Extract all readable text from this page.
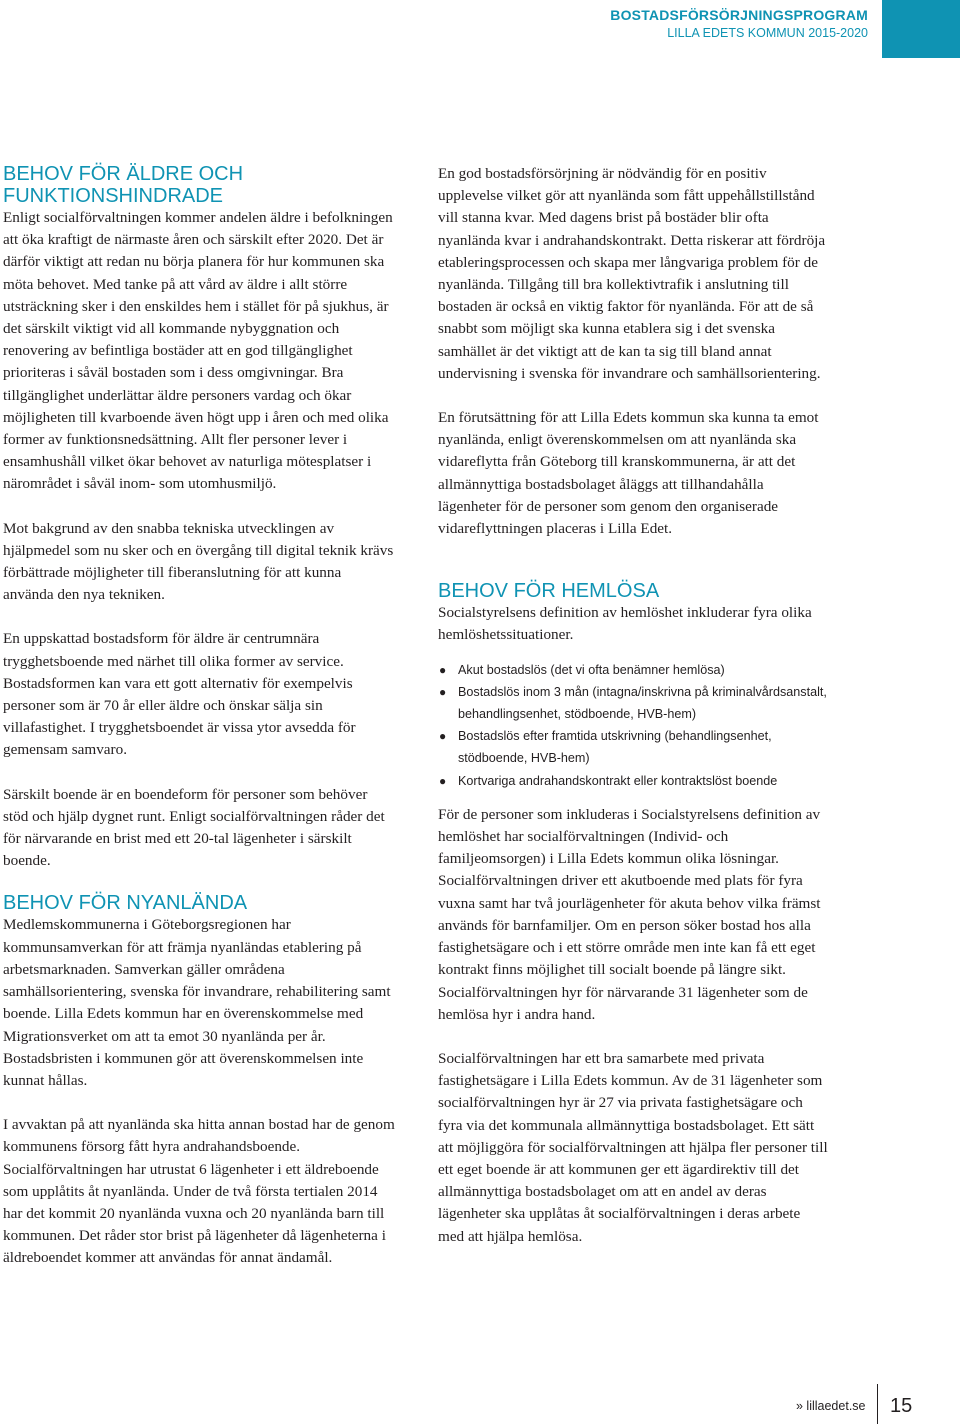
BOSTADSFÖRSÖRJNINGSPROGRAM
LILLA EDETS KOMMUN 2015-2020
BEHOV FÖR ÄLDRE OCH FUNKTIONSHINDRADE

Enligt socialförvaltningen kommer andelen äldre i befolkningen att öka kraftigt de närmaste åren och särskilt efter 2020. Det är därför viktigt att redan nu börja planera för hur kommunen ska möta behovet. Med tanke på att vård av äldre i allt större utsträckning sker i den enskildes hem i stället för på sjukhus, är det särskilt viktigt vid all kommande nybyggnation och renovering av befintliga bostäder att en god tillgänglighet prioriteras i såväl bostaden som i dess omgivningar. Bra tillgänglighet underlättar äldre personers vardag och ökar möjligheten till kvarboende även högt upp i åren och med olika former av funktionsnedsättning. Allt fler personer lever i ensamhushåll vilket ökar behovet av naturliga mötesplatser i närområdet i såväl inom- som utomhusmiljö.

Mot bakgrund av den snabba tekniska utvecklingen av hjälpmedel som nu sker och en övergång till digital teknik krävs förbättrade möjligheter till fiberanslutning för att kunna använda den nya tekniken.

En uppskattad bostadsform för äldre är centrumnära trygghetsboende med närhet till olika former av service. Bostadsformen kan vara ett gott alternativ för exempelvis personer som är 70 år eller äldre och önskar sälja sin villafastighet. I trygghetsboendet är vissa ytor avsedda för gemensam samvaro.

Särskilt boende är en boendeform för personer som behöver stöd och hjälp dygnet runt. Enligt socialförvaltningen råder det för närvarande en brist med ett 20-tal lägenheter i särskilt boende.

BEHOV FÖR NYANLÄNDA

Medlemskommunerna i Göteborgsregionen har kommunsamverkan för att främja nyanländas etablering på arbetsmarknaden. Samverkan gäller områdena samhällsorientering, svenska för invandrare, rehabilitering samt boende. Lilla Edets kommun har en överenskommelse med Migrationsverket om att ta emot 30 nyanlända per år. Bostadsbristen i kommunen gör att överenskommelsen inte kunnat hållas.

I avvaktan på att nyanlända ska hitta annan bostad har de genom kommunens försorg fått hyra andrahandsboende. Socialförvaltningen har utrustat 6 lägenheter i ett äldreboende som upplåtits åt nyanlända. Under de två första tertialen 2014 har det kommit 20 nyanlända vuxna och 20 nyanlända barn till kommunen. Det råder stor brist på lägenheter då lägenheterna i äldreboendet kommer att användas för annat ändamål.

En god bostadsförsörjning är nödvändig för en positiv upplevelse vilket gör att nyanlända som fått uppehållstillstånd vill stanna kvar. Med dagens brist på bostäder blir ofta nyanlända kvar i andrahandskontrakt. Detta riskerar att fördröja etableringsprocessen och skapa mer långvariga problem för de nyanlända. Tillgång till bra kollektivtrafik i anslutning till bostaden är också en viktig faktor för nyanlända. För att de så snabbt som möjligt ska kunna etablera sig i det svenska samhället är det viktigt att de kan ta sig till bland annat undervisning i svenska för invandrare och samhällsorientering.

En förutsättning för att Lilla Edets kommun ska kunna ta emot nyanlända, enligt överenskommelsen om att nyanlända ska vidareflytta från Göteborg till kranskommunerna, är att det allmännyttiga bostadsbolaget åläggs att tillhandahålla lägenheter för de personer som genom den organiserade vidareflyttningen placeras i Lilla Edet.

BEHOV FÖR HEMLÖSA

Socialstyrelsens definition av hemlöshet inkluderar fyra olika hemlöshetssituationer.

● Akut bostadslös (det vi ofta benämner hemlösa)
● Bostadslös inom 3 mån (intagna/inskrivna på kriminalvårdsanstalt, behandlingsenhet, stödboende, HVB-hem)
● Bostadslös efter framtida utskrivning (behandlingsenhet, stödboende, HVB-hem)
● Kortvariga andrahandskontrakt eller kontraktslöst boende

För de personer som inkluderas i Socialstyrelsens definition av hemlöshet har socialförvaltningen (Individ- och familjeomsorgen) i Lilla Edets kommun olika lösningar. Socialförvaltningen driver ett akutboende med plats för fyra vuxna samt har två jourlägenheter för akuta behov vilka främst används för barnfamiljer. Om en person söker bostad hos alla fastighetsägare och i ett större område men inte kan få ett eget kontrakt finns möjlighet till socialt boende på längre sikt. Socialförvaltningen hyr för närvarande 31 lägenheter som de hemlösa hyr i andra hand.

Socialförvaltningen har ett bra samarbete med privata fastighetsägare i Lilla Edets kommun. Av de 31 lägenheter som socialförvaltningen hyr är 27 via privata fastighetsägare och fyra via det kommunala allmännyttiga bostadsbolaget. Ett sätt att möjliggöra för socialförvaltningen att hjälpa fler personer till ett eget boende är att kommunen ger ett ägardirektiv till det allmännyttiga bostadsbolaget om att en andel av deras lägenheter ska upplåtas åt socialförvaltningen i deras arbete med att hjälpa hemlösa.

» lillaedet.se 15
